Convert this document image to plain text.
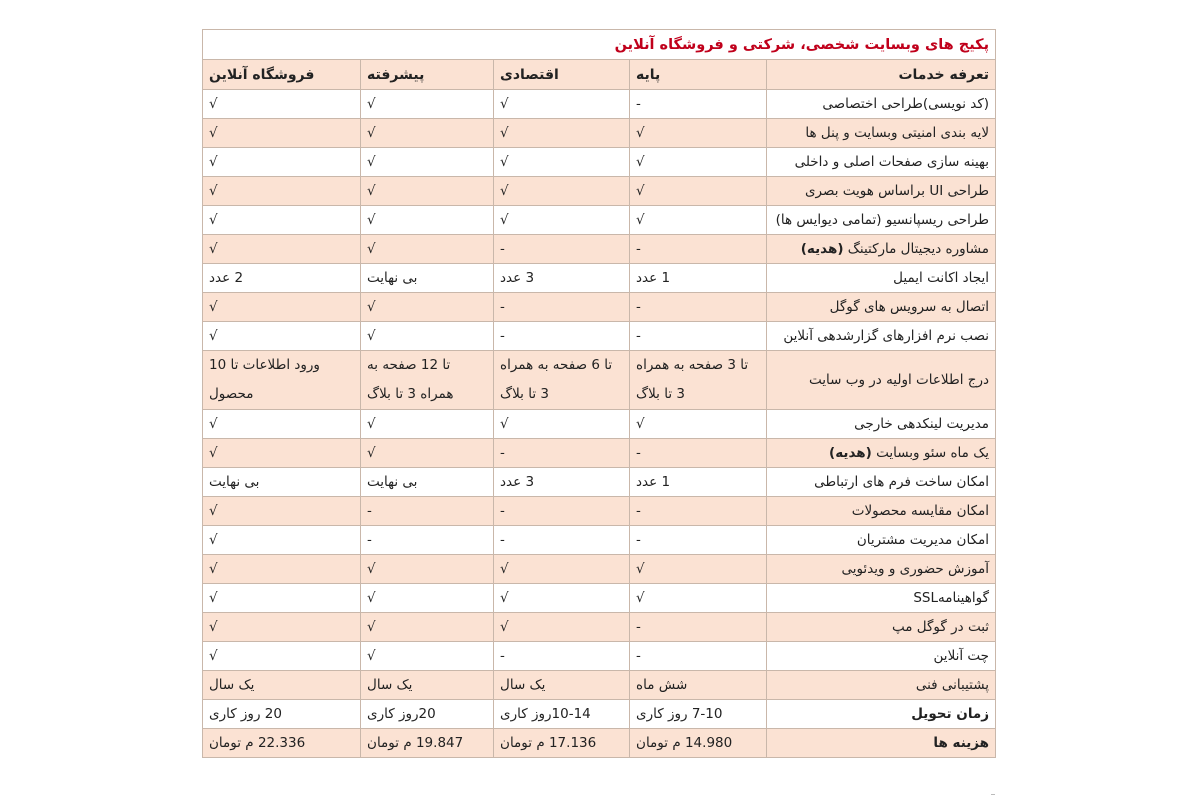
پکیج های وبسایت شخصی، شرکتی و فروشگاه آنلاین				
تعرفه خدمات	پایه	اقتصادی	پیشرفته	فروشگاه آنلاین
(کد نویسی)طراحی اختصاصی	-	√	√	√
لایه بندی امنیتی وبسایت و پنل ها	√	√	√	√
بهینه سازی صفحات اصلی و داخلی	√	√	√	√
طراحی UI براساس هویت بصری	√	√	√	√
طراحی ریسپانسیو (تمامی دیوایس ها)	√	√	√	√
مشاوره دیجیتال مارکتینگ (هدیه)	-	-	√	√
ایجاد اکانت ایمیل	1 عدد	3 عدد	بی نهایت	2 عدد
اتصال به سرویس های گوگل	-	-	√	√
نصب نرم افزارهای گزارشدهی آنلاین	-	-	√	√
درج اطلاعات اولیه در وب سایت	تا 3 صفحه به همراه 3 تا بلاگ	تا 6 صفحه به همراه 3 تا بلاگ	تا 12 صفحه به همراه 3 تا بلاگ	ورود اطلاعات تا 10 محصول
مدیریت لینکدهی خارجی	√	√	√	√
یک ماه سئو وبسایت (هدیه)	-	-	√	√
امکان ساخت فرم های ارتباطی	1 عدد	3 عدد	بی نهایت	بی نهایت
امکان مقایسه محصولات	-	-	-	√
امکان مدیریت مشتریان	-	-	-	√
آموزش حضوری و ویدئویی	√	√	√	√
گواهینامهSSL	√	√	√	√
ثبت در گوگل مپ	-	√	√	√
چت آنلاین	-	-	√	√
پشتیبانی فنی	شش ماه	یک سال	یک سال	یک سال
زمان تحویل	7-10 روز کاری	10-14روز کاری	20روز کاری	20 روز کاری
هزینه ها	14.980 م تومان	17.136 م تومان	19.847 م تومان	22.336 م تومان
